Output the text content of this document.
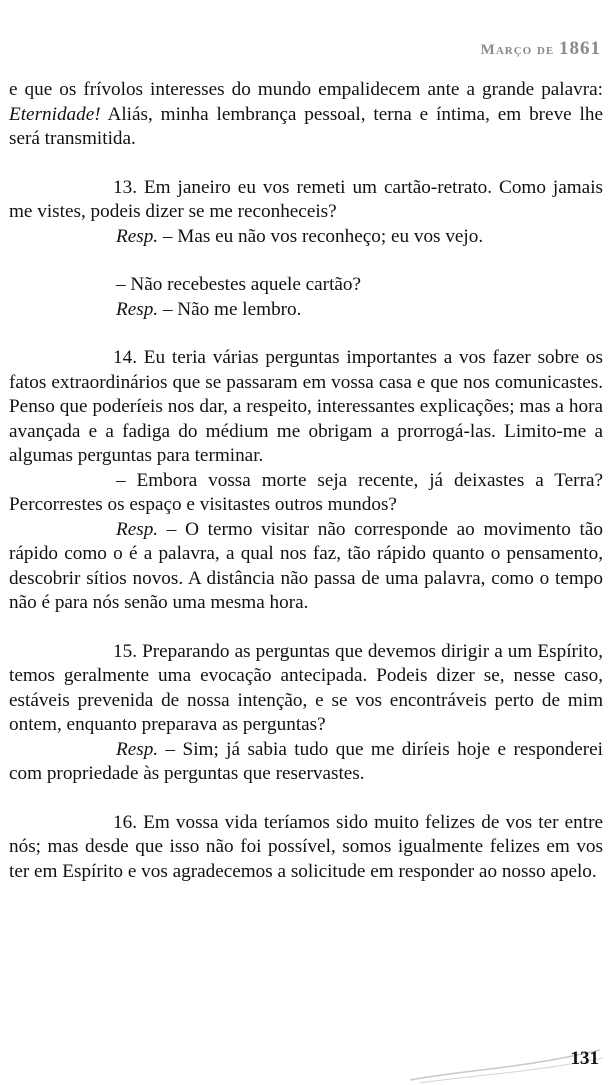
Março de 1861

e que os frívolos interesses do mundo empalidecem ante a grande palavra: Eternidade! Aliás, minha lembrança pessoal, terna e íntima, em breve lhe será transmitida.

13. Em janeiro eu vos remeti um cartão-retrato. Como jamais me vistes, podeis dizer se me reconheceis?

Resp. – Mas eu não vos reconheço; eu vos vejo.

– Não recebestes aquele cartão?

Resp. – Não me lembro.

14. Eu teria várias perguntas importantes a vos fazer sobre os fatos extraordinários que se passaram em vossa casa e que nos comunicastes. Penso que poderíeis nos dar, a respeito, interessantes explicações; mas a hora avançada e a fadiga do médium me obrigam a prorrogá-las. Limito-me a algumas perguntas para terminar.

– Embora vossa morte seja recente, já deixastes a Terra? Percorrestes os espaço e visitastes outros mundos?

Resp. – O termo visitar não corresponde ao movimento tão rápido como o é a palavra, a qual nos faz, tão rápido quanto o pensamento, descobrir sítios novos. A distância não passa de uma palavra, como o tempo não é para nós senão uma mesma hora.

15. Preparando as perguntas que devemos dirigir a um Espírito, temos geralmente uma evocação antecipada. Podeis dizer se, nesse caso, estáveis prevenida de nossa intenção, e se vos encontráveis perto de mim ontem, enquanto preparava as perguntas?

Resp. – Sim; já sabia tudo que me diríeis hoje e responderei com propriedade às perguntas que reservastes.

16. Em vossa vida teríamos sido muito felizes de vos ter entre nós; mas desde que isso não foi possível, somos igualmente felizes em vos ter em Espírito e vos agradecemos a solicitude em responder ao nosso apelo.

131
